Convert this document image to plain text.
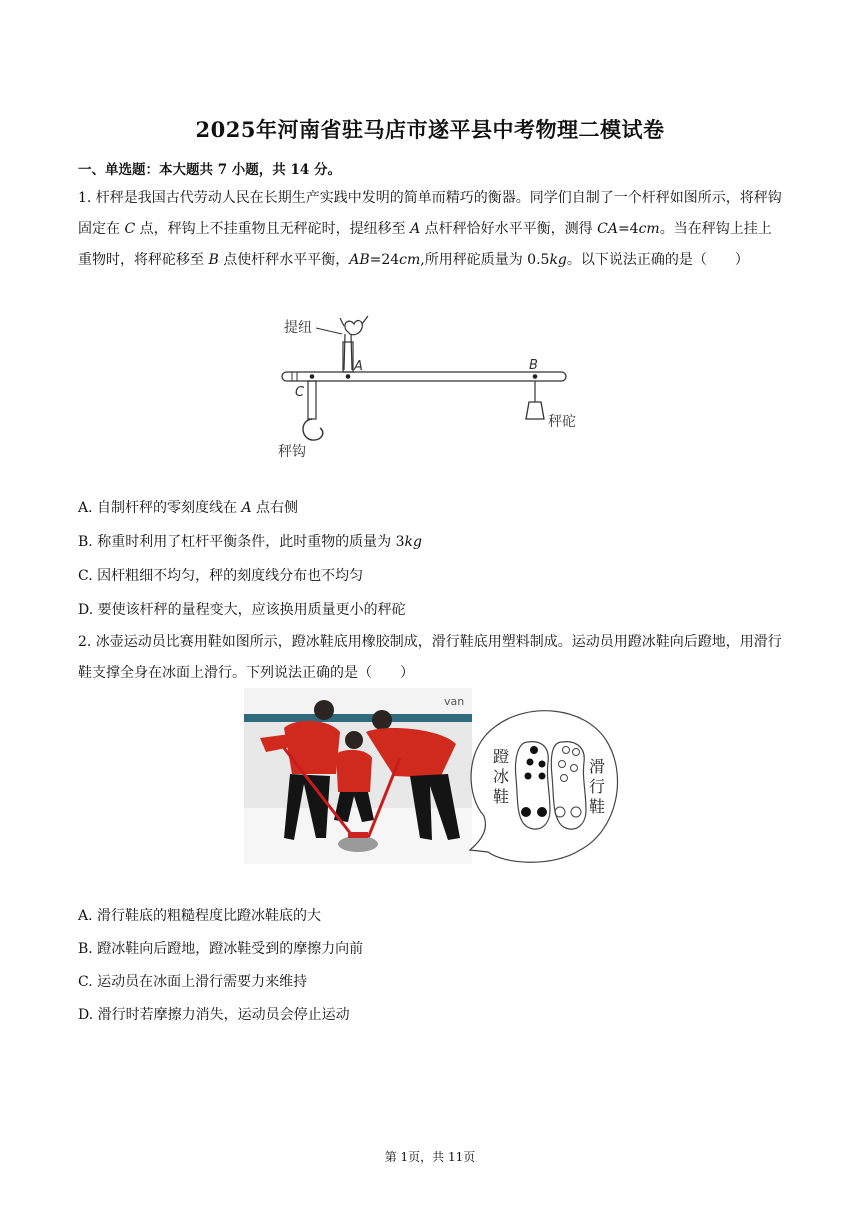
2025年河南省驻马店市遂平县中考物理二模试卷
一、单选题：本大题共 7 小题，共 14 分。
1. 杆秤是我国古代劳动人民在长期生产实践中发明的简单而精巧的衡器。同学们自制了一个杆秤如图所示，将秤钩固定在 C 点，秤钩上不挂重物且无秤砣时，提纽移至 A 点杆秤恰好水平平衡，测得 CA=4cm。当在秤钩上挂上重物时，将秤砣移至 B 点使杆秤水平平衡，AB=24cm,所用秤砣质量为 0.5kg。以下说法正确的是（　　）
提纽
A	B
C
秤砣
秤钩
A. 自制杆秤的零刻度线在 A 点右侧
B. 称重时利用了杠杆平衡条件，此时重物的质量为 3kg
C. 因杆粗细不均匀，秤的刻度线分布也不均匀
D. 要使该杆秤的量程变大，应该换用质量更小的秤砣
2. 冰壶运动员比赛用鞋如图所示，蹬冰鞋底用橡胶制成，滑行鞋底用塑料制成。运动员用蹬冰鞋向后蹬地，用滑行鞋支撑全身在冰面上滑行。下列说法正确的是（　　）
van
蹬
冰
鞋
滑
行
鞋
A. 滑行鞋底的粗糙程度比蹬冰鞋底的大
B. 蹬冰鞋向后蹬地，蹬冰鞋受到的摩擦力向前
C. 运动员在冰面上滑行需要力来维持
D. 滑行时若摩擦力消失，运动员会停止运动
第 1页，共 11页
